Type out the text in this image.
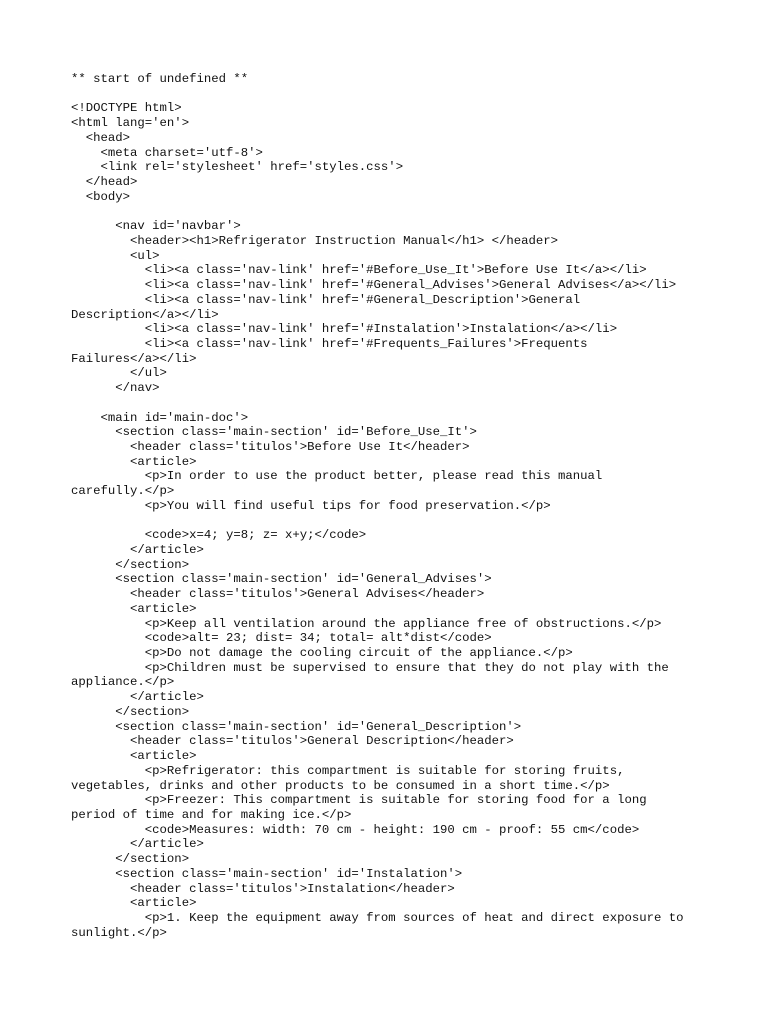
** start of undefined **
<!DOCTYPE html>
<html lang='en'>
<head>
<meta charset='utf-8'>
<link rel='stylesheet' href='styles.css'>
</head>
<body>
<nav id='navbar'>
<header><h1>Refrigerator Instruction Manual</h1> </header>
<ul>
<li><a class='nav-link' href='#Before_Use_It'>Before Use It</a></li>
<li><a class='nav-link' href='#General_Advises'>General Advises</a></li>
<li><a class='nav-link' href='#General_Description'>General
Description</a></li>
<li><a class='nav-link' href='#Instalation'>Instalation</a></li>
<li><a class='nav-link' href='#Frequents_Failures'>Frequents
Failures</a></li>
</ul>
</nav>
<main id='main-doc'>
<section class='main-section' id='Before_Use_It'>
<header class='titulos'>Before Use It</header>
<article>
<p>In order to use the product better, please read this manual
carefully.</p>
<p>You will find useful tips for food preservation.</p>
<code>x=4; y=8; z= x+y;</code>
</article>
</section>
<section class='main-section' id='General_Advises'>
<header class='titulos'>General Advises</header>
<article>
<p>Keep all ventilation around the appliance free of obstructions.</p>
<code>alt= 23; dist= 34; total= alt*dist</code>
<p>Do not damage the cooling circuit of the appliance.</p>
<p>Children must be supervised to ensure that they do not play with the
appliance.</p>
</article>
</section>
<section class='main-section' id='General_Description'>
<header class='titulos'>General Description</header>
<article>
<p>Refrigerator: this compartment is suitable for storing fruits,
vegetables, drinks and other products to be consumed in a short time.</p>
<p>Freezer: This compartment is suitable for storing food for a long
period of time and for making ice.</p>
<code>Measures: width: 70 cm - height: 190 cm - proof: 55 cm</code>
</article>
</section>
<section class='main-section' id='Instalation'>
<header class='titulos'>Instalation</header>
<article>
<p>1. Keep the equipment away from sources of heat and direct exposure to
sunlight.</p>
